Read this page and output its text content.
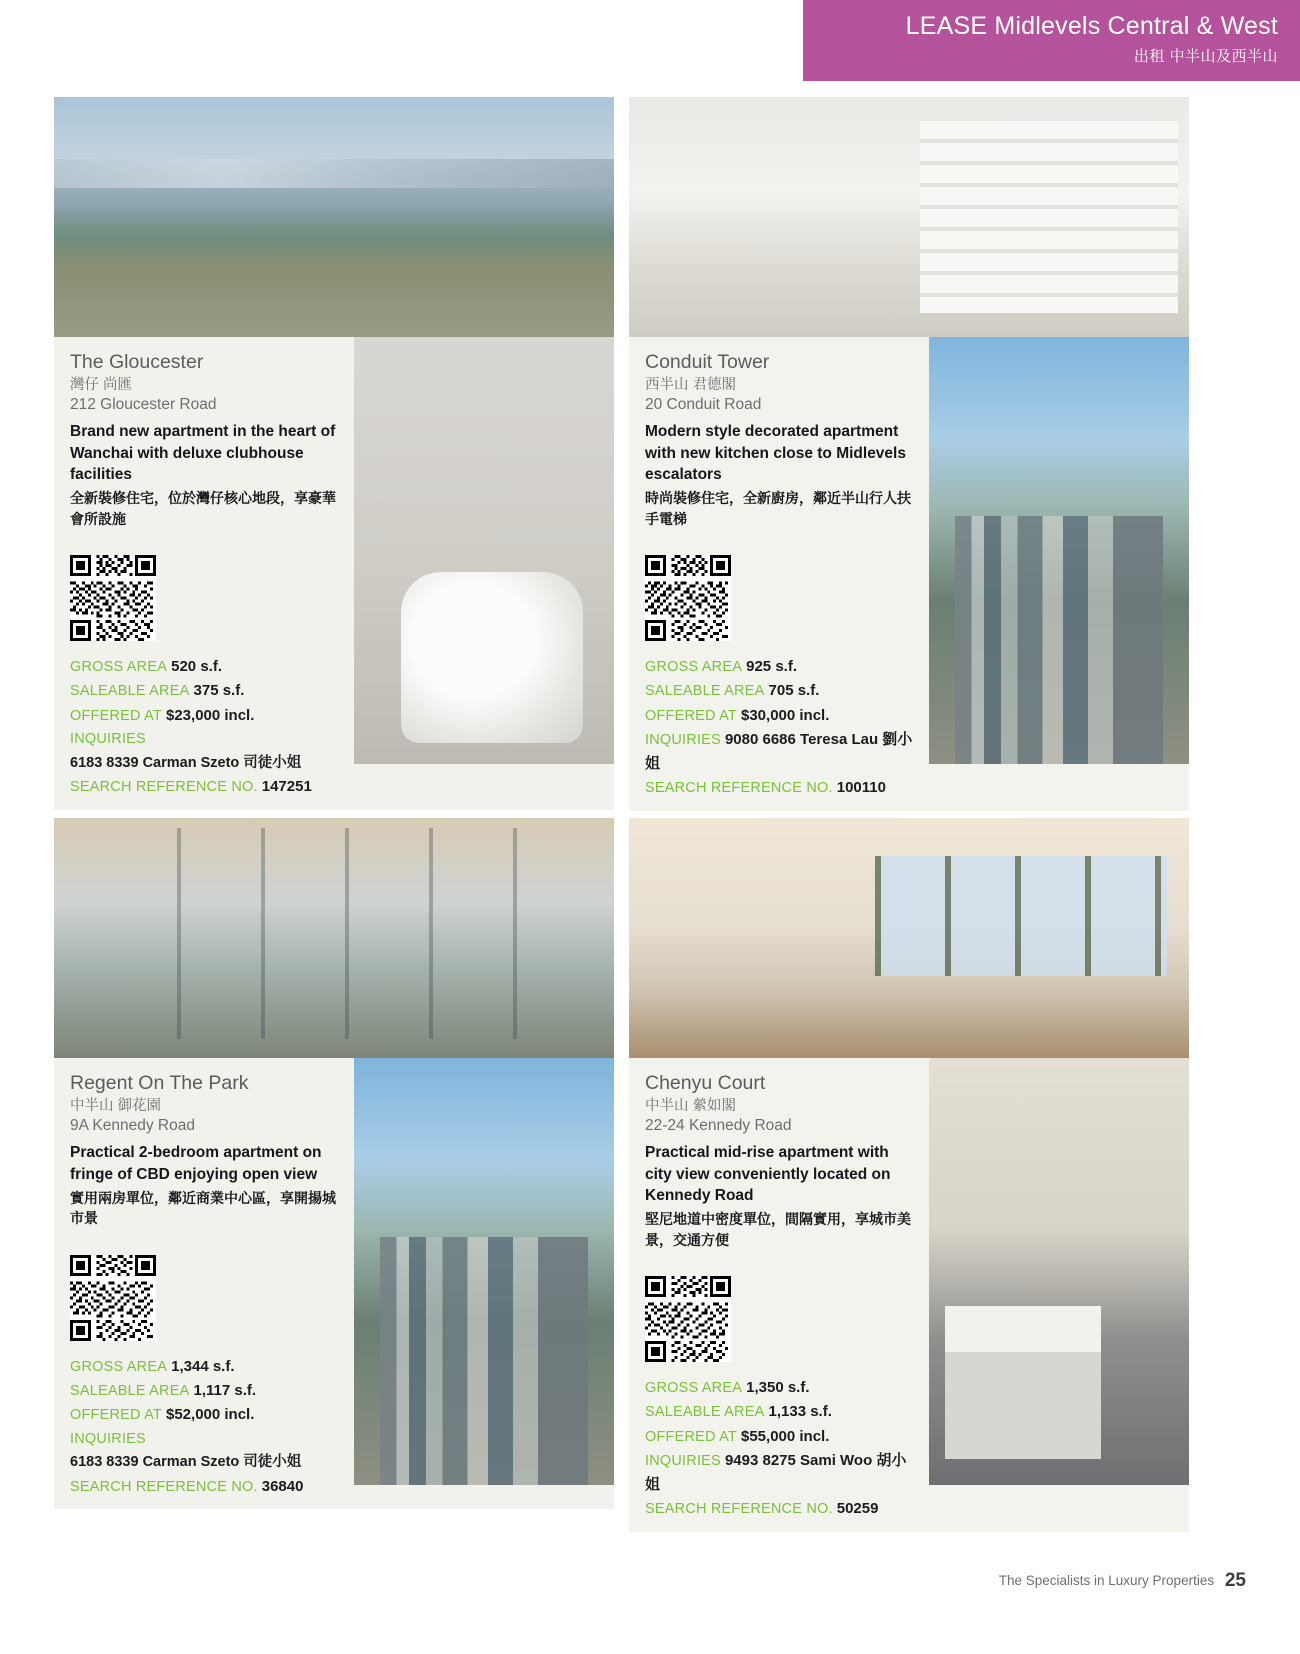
LEASE Midlevels Central & West
出租 中半山及西半山
The Gloucester
灣仔 尚匯
212 Gloucester Road
Brand new apartment in the heart of Wanchai with deluxe clubhouse facilities
全新裝修住宅，位於灣仔核心地段，享豪華會所設施
GROSS AREA 520 s.f.
SALEABLE AREA 375 s.f.
OFFERED AT $23,000 incl.
INQUIRIES
6183 8339 Carman Szeto 司徒小姐
SEARCH REFERENCE NO. 147251
Conduit Tower
西半山 君德閣
20 Conduit Road
Modern style decorated apartment with new kitchen close to Midlevels escalators
時尚裝修住宅，全新廚房，鄰近半山行人扶手電梯
GROSS AREA 925 s.f.
SALEABLE AREA 705 s.f.
OFFERED AT $30,000 incl.
INQUIRIES 9080 6686 Teresa Lau 劉小姐
SEARCH REFERENCE NO. 100110
Regent On The Park
中半山 御花園
9A Kennedy Road
Practical 2-bedroom apartment on fringe of CBD enjoying open view
實用兩房單位，鄰近商業中心區，享開揚城市景
GROSS AREA 1,344 s.f.
SALEABLE AREA 1,117 s.f.
OFFERED AT $52,000 incl.
INQUIRIES
6183 8339 Carman Szeto 司徒小姐
SEARCH REFERENCE NO. 36840
Chenyu Court
中半山 縈如閣
22-24 Kennedy Road
Practical mid-rise apartment with city view conveniently located on Kennedy Road
堅尼地道中密度單位，間隔實用，享城市美景，交通方便
GROSS AREA 1,350 s.f.
SALEABLE AREA 1,133 s.f.
OFFERED AT $55,000 incl.
INQUIRIES 9493 8275 Sami Woo 胡小姐
SEARCH REFERENCE NO. 50259
The Specialists in Luxury Properties 25
